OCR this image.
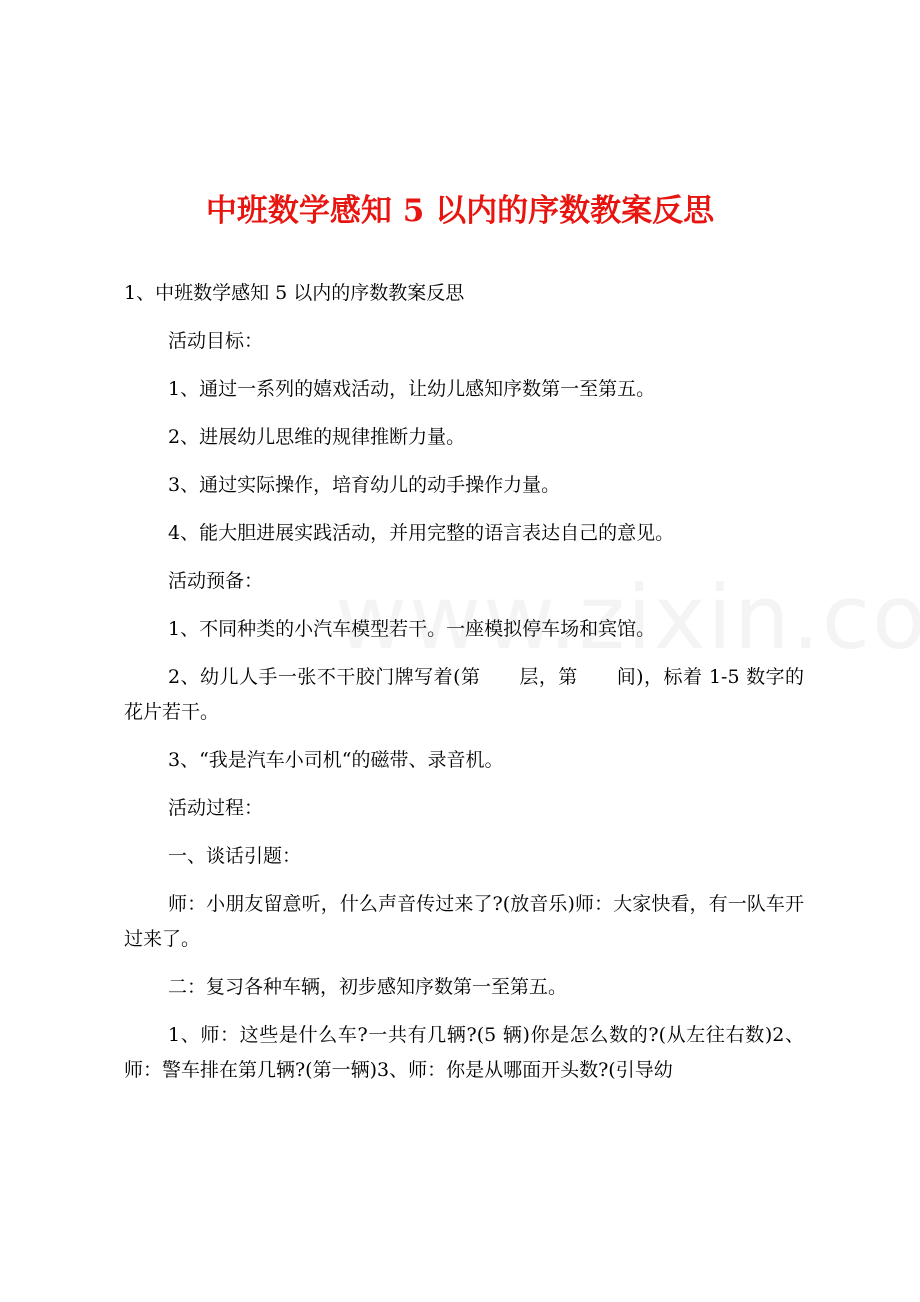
中班数学感知 5 以内的序数教案反思

1、中班数学感知 5 以内的序数教案反思

活动目标：

1、通过一系列的嬉戏活动，让幼儿感知序数第一至第五。

2、进展幼儿思维的规律推断力量。

3、通过实际操作，培育幼儿的动手操作力量。

4、能大胆进展实践活动，并用完整的语言表达自己的意见。

活动预备：

1、不同种类的小汽车模型若干。一座模拟停车场和宾馆。

2、幼儿人手一张不干胶门牌写着(第　　层，第　　间)，标着 1-5 数字的花片若干。

3、“我是汽车小司机“的磁带、录音机。

活动过程：

一、谈话引题：

师：小朋友留意听，什么声音传过来了?(放音乐)师：大家快看，有一队车开过来了。

二：复习各种车辆，初步感知序数第一至第五。

1、师：这些是什么车?一共有几辆?(5 辆)你是怎么数的?(从左往右数)2、师：警车排在第几辆?(第一辆)3、师：你是从哪面开头数?(引导幼
